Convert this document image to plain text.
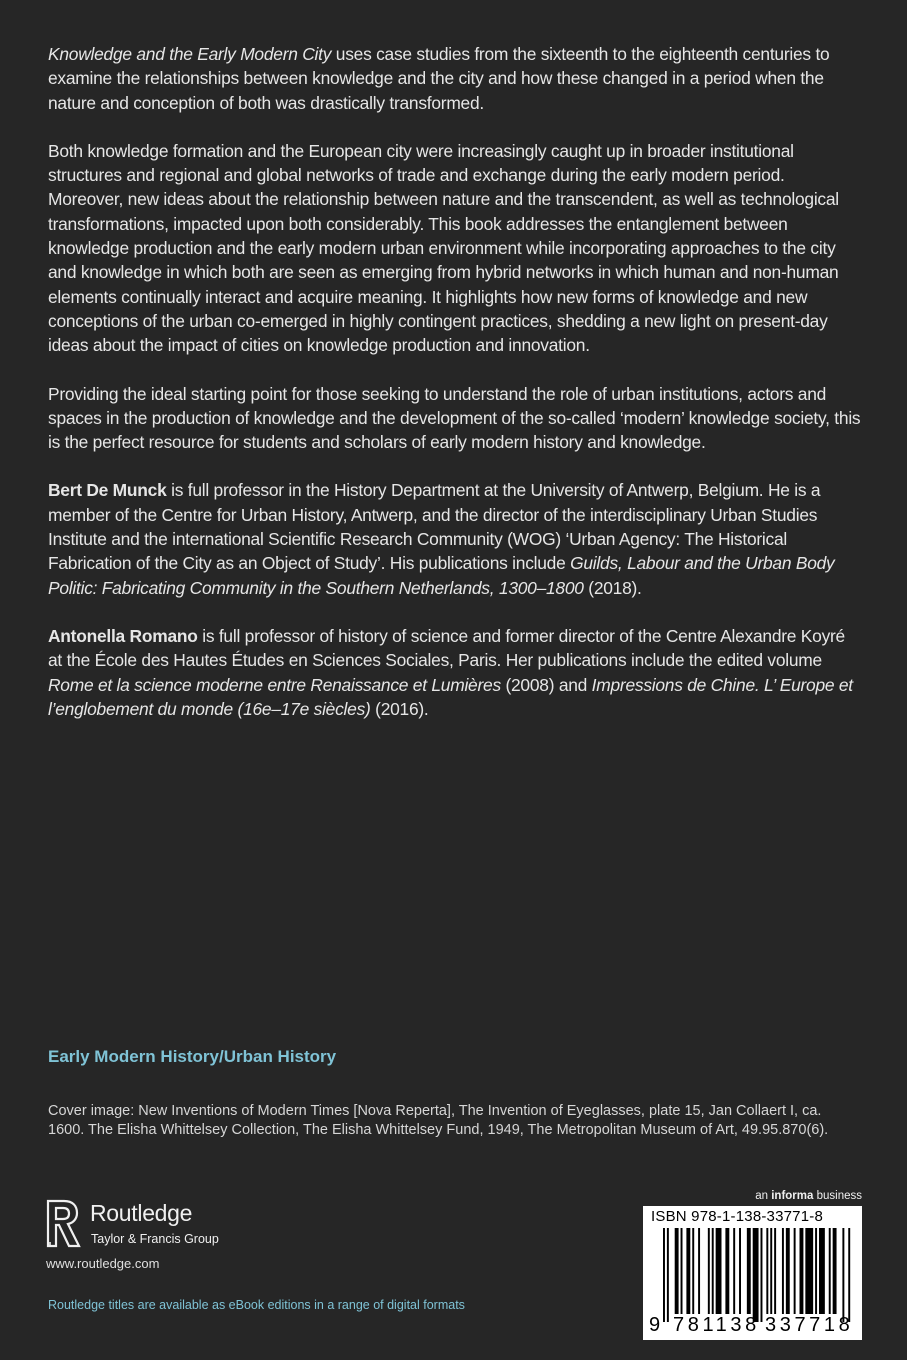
Knowledge and the Early Modern City uses case studies from the sixteenth to the eighteenth centuries to examine the relationships between knowledge and the city and how these changed in a period when the nature and conception of both was drastically transformed.

Both knowledge formation and the European city were increasingly caught up in broader institutional structures and regional and global networks of trade and exchange during the early modern period. Moreover, new ideas about the relationship between nature and the transcendent, as well as technological transformations, impacted upon both considerably. This book addresses the entanglement between knowledge production and the early modern urban environment while incorporating approaches to the city and knowledge in which both are seen as emerging from hybrid networks in which human and non-human elements continually interact and acquire meaning. It highlights how new forms of knowledge and new conceptions of the urban co-emerged in highly contingent practices, shedding a new light on present-day ideas about the impact of cities on knowledge production and innovation.

Providing the ideal starting point for those seeking to understand the role of urban institutions, actors and spaces in the production of knowledge and the development of the so-called ‘modern’ knowledge society, this is the perfect resource for students and scholars of early modern history and knowledge.

Bert De Munck is full professor in the History Department at the University of Antwerp, Belgium. He is a member of the Centre for Urban History, Antwerp, and the director of the interdisciplinary Urban Studies Institute and the international Scientific Research Community (WOG) ‘Urban Agency: The Historical Fabrication of the City as an Object of Study’. His publications include Guilds, Labour and the Urban Body Politic: Fabricating Community in the Southern Netherlands, 1300–1800 (2018).

Antonella Romano is full professor of history of science and former director of the Centre Alexandre Koyré at the École des Hautes Études en Sciences Sociales, Paris. Her publications include the edited volume Rome et la science moderne entre Renaissance et Lumières (2008) and Impressions de Chine. L’ Europe et l’englobement du monde (16e–17e siècles) (2016).

Early Modern History/Urban History
Cover image: New Inventions of Modern Times [Nova Reperta], The Invention of Eyeglasses, plate 15, Jan Collaert I, ca. 1600. The Elisha Whittelsey Collection, The Elisha Whittelsey Fund, 1949, The Metropolitan Museum of Art, 49.95.870(6).
Routledge
Taylor & Francis Group
www.routledge.com
Routledge titles are available as eBook editions in a range of digital formats
an informa business
ISBN 978-1-138-33771-8
9 781138 337718
